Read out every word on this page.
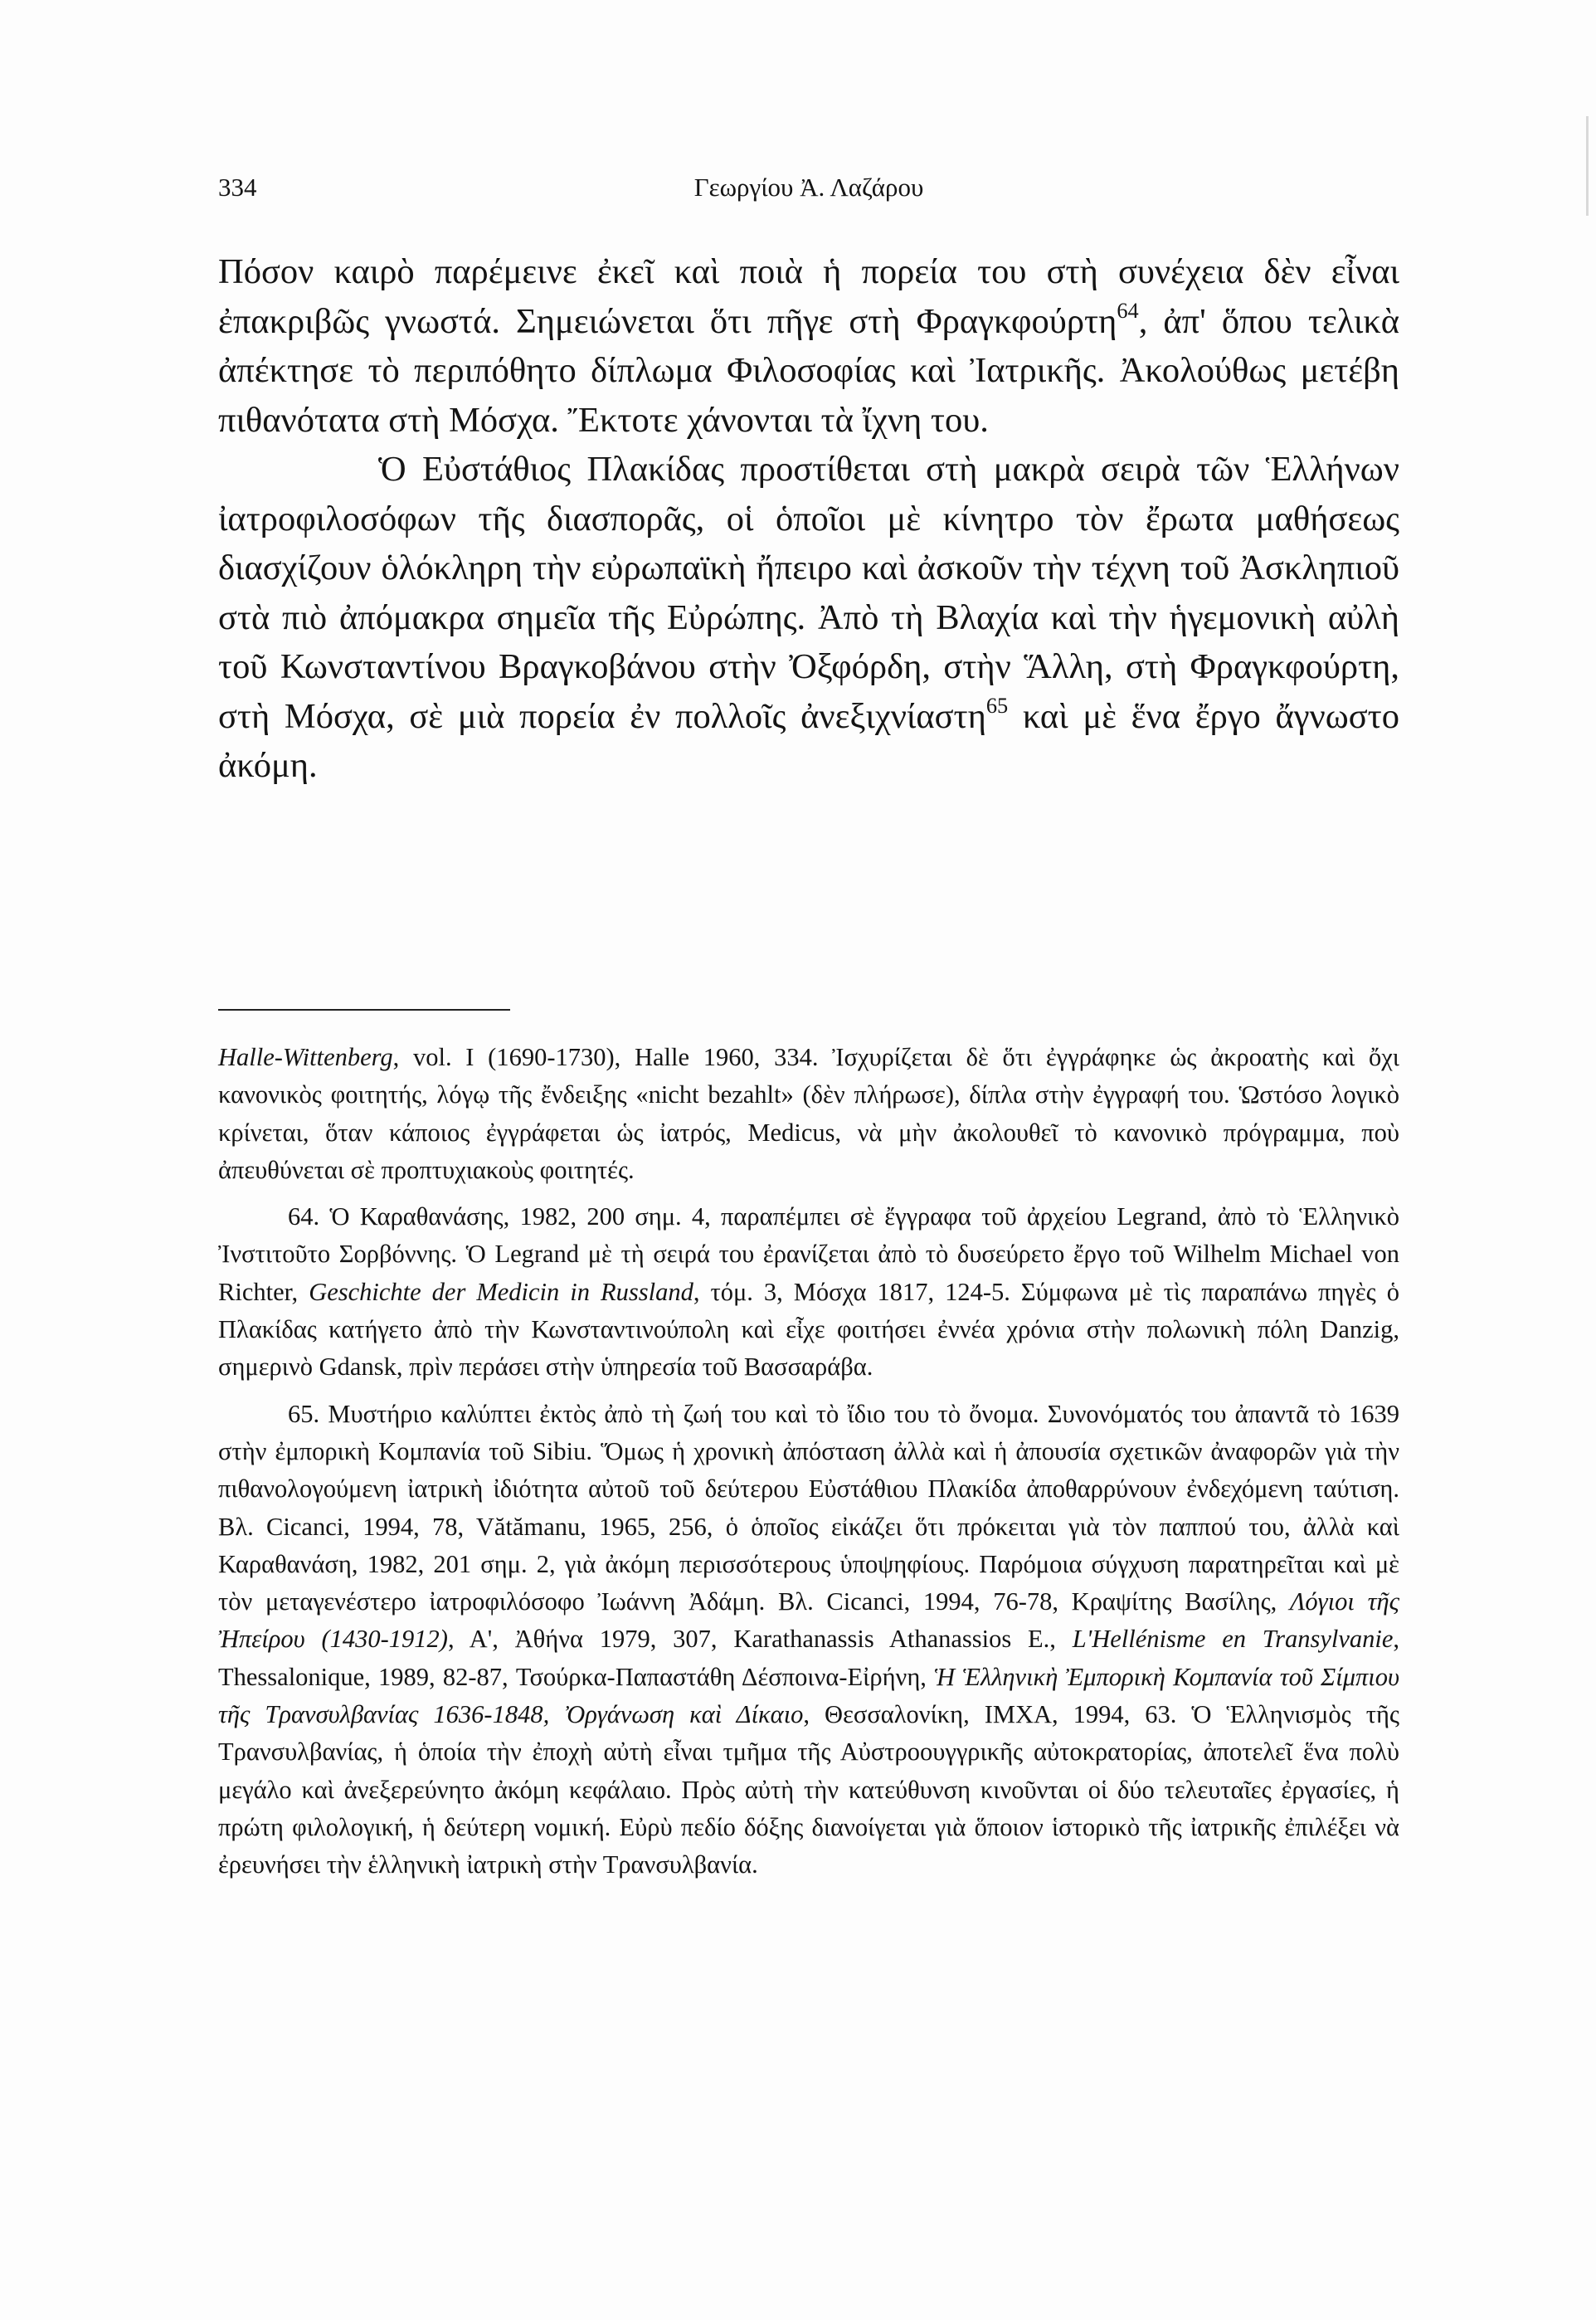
334	Γεωργίου Ἀ. Λαζάρου

Πόσον καιρὸ παρέμεινε ἐκεῖ καὶ ποιὰ ἡ πορεία του στὴ συνέχεια δὲν εἶναι ἐπακριβῶς γνωστά. Σημειώνεται ὅτι πῆγε στὴ Φραγκφούρτη$^{64}$, ἀπ' ὅπου τελικὰ ἀπέκτησε τὸ περιπόθητο δίπλωμα Φιλοσοφίας καὶ Ἰατρικῆς. Ἀκολούθως μετέβη πιθανότατα στὴ Μόσχα. Ἔκτοτε χάνονται τὰ ἴχνη του.

Ὁ Εὐστάθιος Πλακίδας προστίθεται στὴ μακρὰ σειρὰ τῶν Ἑλλήνων ἰατροφιλοσόφων τῆς διασπορᾶς, οἱ ὁποῖοι μὲ κίνητρο τὸν ἔρωτα μαθήσεως διασχίζουν ὁλόκληρη τὴν εὐρωπαϊκὴ ἤπειρο καὶ ἀσκοῦν τὴν τέχνη τοῦ Ἀσκληπιοῦ στὰ πιὸ ἀπόμακρα σημεῖα τῆς Εὐρώπης. Ἀπὸ τὴ Βλαχία καὶ τὴν ἡγεμονικὴ αὐλὴ τοῦ Κωνσταντίνου Βραγκοβάνου στὴν Ὀξφόρδη, στὴν Ἅλλη, στὴ Φραγκφούρτη, στὴ Μόσχα, σὲ μιὰ πορεία ἐν πολλοῖς ἀνεξιχνίαστη$^{65}$ καὶ μὲ ἕνα ἔργο ἄγνωστο ἀκόμη.

Halle-Wittenberg, vol. I (1690-1730), Halle 1960, 334. Ἰσχυρίζεται δὲ ὅτι ἐγγράφηκε ὡς ἀκροατὴς καὶ ὄχι κανονικὸς φοιτητής, λόγῳ τῆς ἔνδειξης «nicht bezahlt» (δὲν πλήρωσε), δίπλα στὴν ἐγγραφή του. Ὡστόσο λογικὸ κρίνεται, ὅταν κάποιος ἐγγράφεται ὡς ἰατρός, Medicus, νὰ μὴν ἀκολουθεῖ τὸ κανονικὸ πρόγραμμα, ποὺ ἀπευθύνεται σὲ προπτυχιακοὺς φοιτητές.

64. Ὁ Καραθανάσης, 1982, 200 σημ. 4, παραπέμπει σὲ ἔγγραφα τοῦ ἀρχείου Legrand, ἀπὸ τὸ Ἑλληνικὸ Ἰνστιτοῦτο Σορβόννης. Ὁ Legrand μὲ τὴ σειρά του ἐρανίζεται ἀπὸ τὸ δυσεύρετο ἔργο τοῦ Wilhelm Michael von Richter, Geschichte der Medicin in Russland, τόμ. 3, Μόσχα 1817, 124-5. Σύμφωνα μὲ τὶς παραπάνω πηγὲς ὁ Πλακίδας κατήγετο ἀπὸ τὴν Κωνσταντινούπολη καὶ εἶχε φοιτήσει ἐννέα χρόνια στὴν πολωνικὴ πόλη Danzig, σημερινὸ Gdansk, πρὶν περάσει στὴν ὑπηρεσία τοῦ Βασσαράβα.

65. Μυστήριο καλύπτει ἐκτὸς ἀπὸ τὴ ζωή του καὶ τὸ ἴδιο του τὸ ὄνομα. Συνονόματός του ἀπαντᾶ τὸ 1639 στὴν ἐμπορικὴ Κομπανία τοῦ Sibiu. Ὅμως ἡ χρονικὴ ἀπόσταση ἀλλὰ καὶ ἡ ἀπουσία σχετικῶν ἀναφορῶν γιὰ τὴν πιθανολογούμενη ἰατρικὴ ἰδιότητα αὐτοῦ τοῦ δεύτερου Εὐστάθιου Πλακίδα ἀποθαρρύνουν ἐνδεχόμενη ταύτιση. Βλ. Cicanci, 1994, 78, Vătămanu, 1965, 256, ὁ ὁποῖος εἰκάζει ὅτι πρόκειται γιὰ τὸν παππού του, ἀλλὰ καὶ Καραθανάση, 1982, 201 σημ. 2, γιὰ ἀκόμη περισσότερους ὑποψηφίους. Παρόμοια σύγχυση παρατηρεῖται καὶ μὲ τὸν μεταγενέστερο ἰατροφιλόσοφο Ἰωάννη Ἀδάμη. Βλ. Cicanci, 1994, 76-78, Κραψίτης Βασίλης, Λόγιοι τῆς Ἠπείρου (1430-1912), Α', Ἀθήνα 1979, 307, Karathanassis Athanassios E., L'Hellénisme en Transylvanie, Thessalonique, 1989, 82-87, Τσούρκα-Παπαστάθη Δέσποινα-Εἰρήνη, Ἡ Ἑλληνικὴ Ἐμπορικὴ Κομπανία τοῦ Σίμπιου τῆς Τρανσυλβανίας 1636-1848, Ὀργάνωση καὶ Δίκαιο, Θεσσαλονίκη, ΙΜΧΑ, 1994, 63. Ὁ Ἑλληνισμὸς τῆς Τρανσυλβανίας, ἡ ὁποία τὴν ἐποχὴ αὐτὴ εἶναι τμῆμα τῆς Αὐστροουγγρικῆς αὐτοκρατορίας, ἀποτελεῖ ἕνα πολὺ μεγάλο καὶ ἀνεξερεύνητο ἀκόμη κεφάλαιο. Πρὸς αὐτὴ τὴν κατεύθυνση κινοῦνται οἱ δύο τελευταῖες ἐργασίες, ἡ πρώτη φιλολογική, ἡ δεύτερη νομική. Εὐρὺ πεδίο δόξης διανοίγεται γιὰ ὅποιον ἱστορικὸ τῆς ἰατρικῆς ἐπιλέξει νὰ ἐρευνήσει τὴν ἑλληνικὴ ἰατρικὴ στὴν Τρανσυλβανία.
